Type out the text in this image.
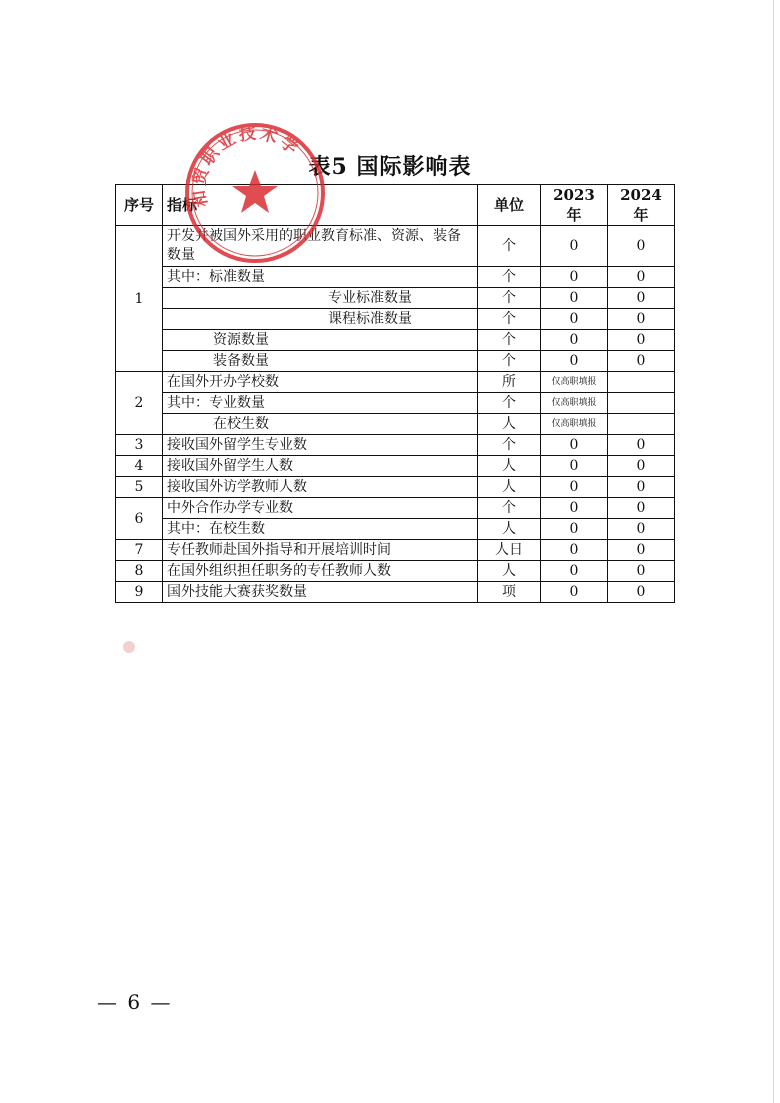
表5 国际影响表
序号	指标	单位	2023 年	2024 年
1	开发并被国外采用的职业教育标准、资源、装备数量	个	0	0
	其中：标准数量	个	0	0
	专业标准数量	个	0	0
	课程标准数量	个	0	0
	资源数量	个	0	0
	装备数量	个	0	0
2	在国外开办学校数	所	仅高职填报	
	其中：专业数量	个	仅高职填报	
	在校生数	人	仅高职填报	
3	接收国外留学生专业数	个	0	0
4	接收国外留学生人数	人	0	0
5	接收国外访学教师人数	人	0	0
6	中外合作办学专业数	个	0	0
	其中：在校生数	人	0	0
7	专任教师赴国外指导和开展培训时间	人日	0	0
8	在国外组织担任职务的专任教师人数	人	0	0
9	国外技能大赛获奖数量	项	0	0
和贸职业技术学
— 6 —
